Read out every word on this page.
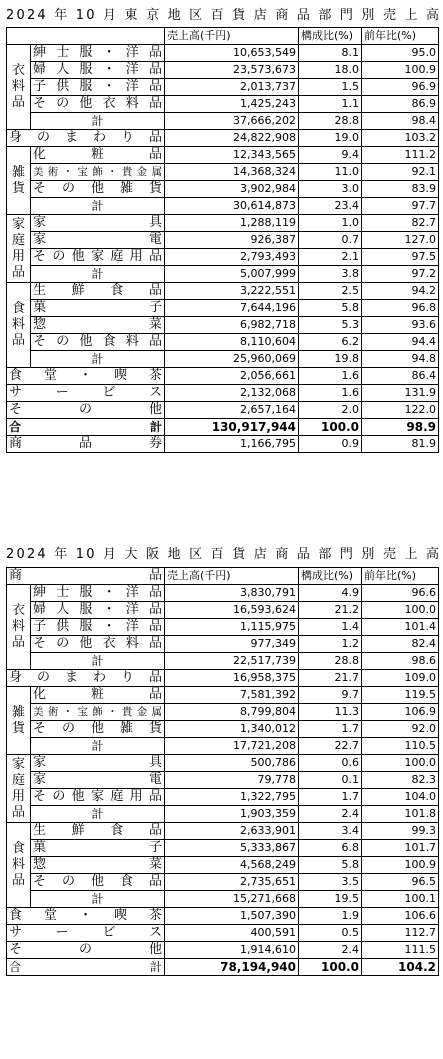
2024 年 10 月 東 京 地 区 百 貨 店 商 品 部 門 別 売 上 高
		売上高(千円)	構成比(%)	前年比(%)

衣
料
品	紳士服・洋品	10,653,549	8.1	95.0
	婦人服・洋品	23,573,673	18.0	100.9
	子供服・洋品	2,013,737	1.5	96.9
	その他衣料品	1,425,243	1.1	86.9
	計	37,666,202	28.8	98.4
身のまわり品		24,822,908	19.0	103.2

雑
貨	化粧品	12,343,565	9.4	111.2
	美術・宝飾・貴金属	14,368,324	11.0	92.1
	その他雑貨	3,902,984	3.0	83.9
	計	30,614,873	23.4	97.7

家
庭
用
品	家具	1,288,119	1.0	82.7
	家電	926,387	0.7	127.0
	その他家庭用品	2,793,493	2.1	97.5
	計	5,007,999	3.8	97.2

食
料
品	生鮮食品	3,222,551	2.5	94.2
	菓子	7,644,196	5.8	96.8
	惣菜	6,982,718	5.3	93.6
	その他食料品	8,110,604	6.2	94.4
	計	25,960,069	19.8	94.8
食堂・喫茶		2,056,661	1.6	86.4
サービス		2,132,068	1.6	131.9
その他		2,657,164	2.0	122.0
合計		130,917,944	100.0	98.9
商品券		1,166,795	0.9	81.9
2024 年 10 月 大 阪 地 区 百 貨 店 商 品 部 門 別 売 上 高
商品		売上高(千円)	構成比(%)	前年比(%)

衣
料
品	紳士服・洋品	3,830,791	4.9	96.6
	婦人服・洋品	16,593,624	21.2	100.0
	子供服・洋品	1,115,975	1.4	101.4
	その他衣料品	977,349	1.2	82.4
	計	22,517,739	28.8	98.6
身のまわり品		16,958,375	21.7	109.0

雑
貨	化粧品	7,581,392	9.7	119.5
	美術・宝飾・貴金属	8,799,804	11.3	106.9
	その他雑貨	1,340,012	1.7	92.0
	計	17,721,208	22.7	110.5

家
庭
用
品	家具	500,786	0.6	100.0
	家電	79,778	0.1	82.3
	その他家庭用品	1,322,795	1.7	104.0
	計	1,903,359	2.4	101.8

食
料
品	生鮮食品	2,633,901	3.4	99.3
	菓子	5,333,867	6.8	101.7
	惣菜	4,568,249	5.8	100.9
	その他食品	2,735,651	3.5	96.5
	計	15,271,668	19.5	100.1
食堂・喫茶		1,507,390	1.9	106.6
サービス		400,591	0.5	112.7
その他		1,914,610	2.4	111.5
合計		78,194,940	100.0	104.2
